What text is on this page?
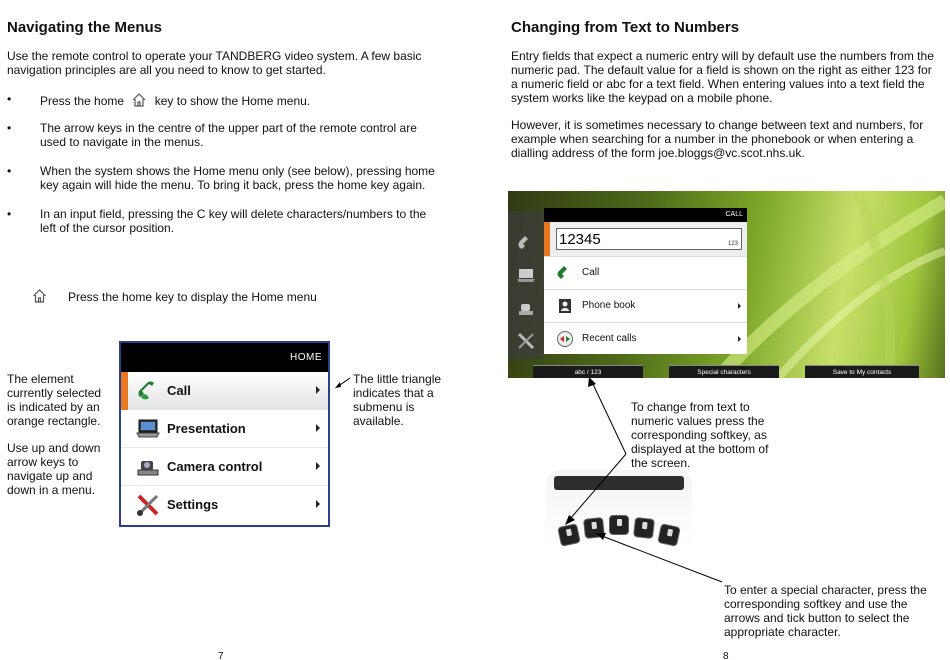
Navigating the Menus

Use the remote control to operate your TANDBERG video system. A few basic navigation principles are all you need to know to get started.

• Press the home	key to show the Home menu.
• The arrow keys in the centre of the upper part of the remote control are used to navigate in the menus.
• When the system shows the Home menu only (see below), pressing home key again will hide the menu. To bring it back, press the home key again.
• In an input field, pressing the C key will delete characters/numbers to the left of the cursor position.

Press the home key to display the Home menu

HOME
Call
Presentation
Camera control
Settings

The element currently selected is indicated by an orange rectangle.

Use up and down arrow keys to navigate up and down in a menu.

The little triangle indicates that a submenu is available.

7
Changing from Text to Numbers

Entry fields that expect a numeric entry will by default use the numbers from the numeric pad. The default value for a field is shown on the right as either 123 for a numeric field or abc for a text field. When entering values into a text field the system works like the keypad on a mobile phone.

However, it is sometimes necessary to change between text and numbers, for example when searching for a number in the phonebook or when entering a dialling address of the form joe.bloggs@vc.scot.nhs.uk.

CALL
12345	123
Call
Phone book
Recent calls
abc / 123	Special characters	Save to My contacts

To change from text to numeric values press the corresponding softkey, as displayed at the bottom of the screen.

To enter a special character, press the corresponding softkey and use the arrows and tick button to select the appropriate character.

8
